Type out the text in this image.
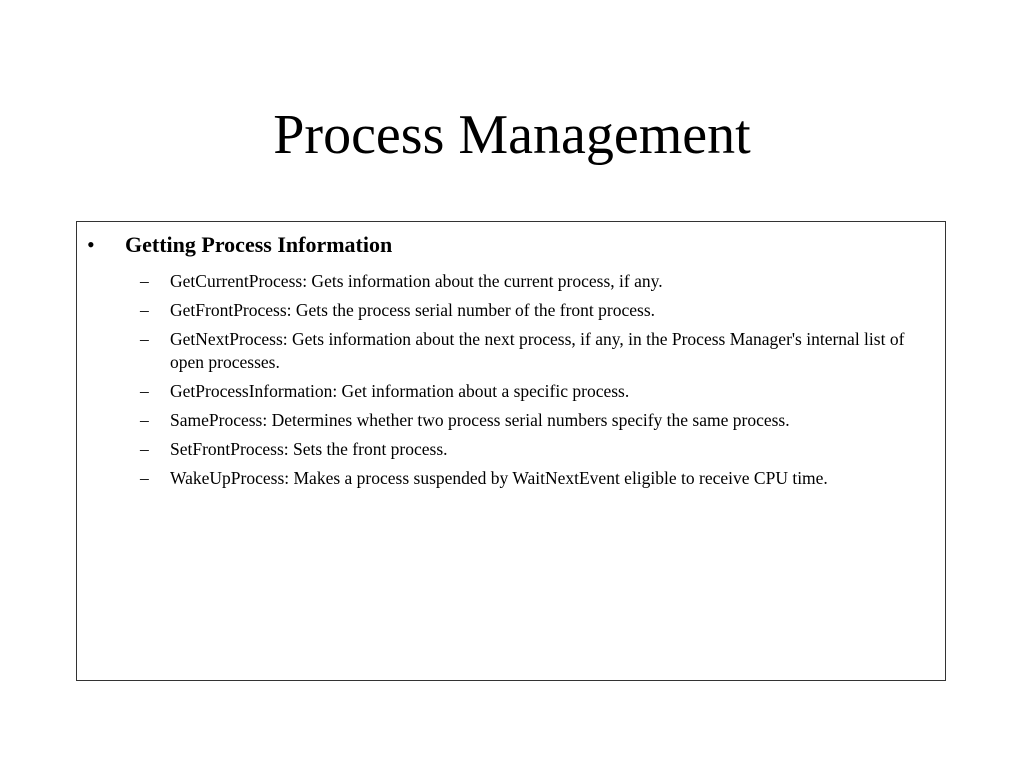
Process Management
• Getting Process Information
– GetCurrentProcess: Gets information about the current process, if any.
– GetFrontProcess: Gets the process serial number of the front process.
– GetNextProcess: Gets information about the next process, if any, in the Process Manager's internal list of open processes.
– GetProcessInformation: Get information about a specific process.
– SameProcess: Determines whether two process serial numbers specify the same process.
– SetFrontProcess: Sets the front process.
– WakeUpProcess: Makes a process suspended by WaitNextEvent eligible to receive CPU time.
